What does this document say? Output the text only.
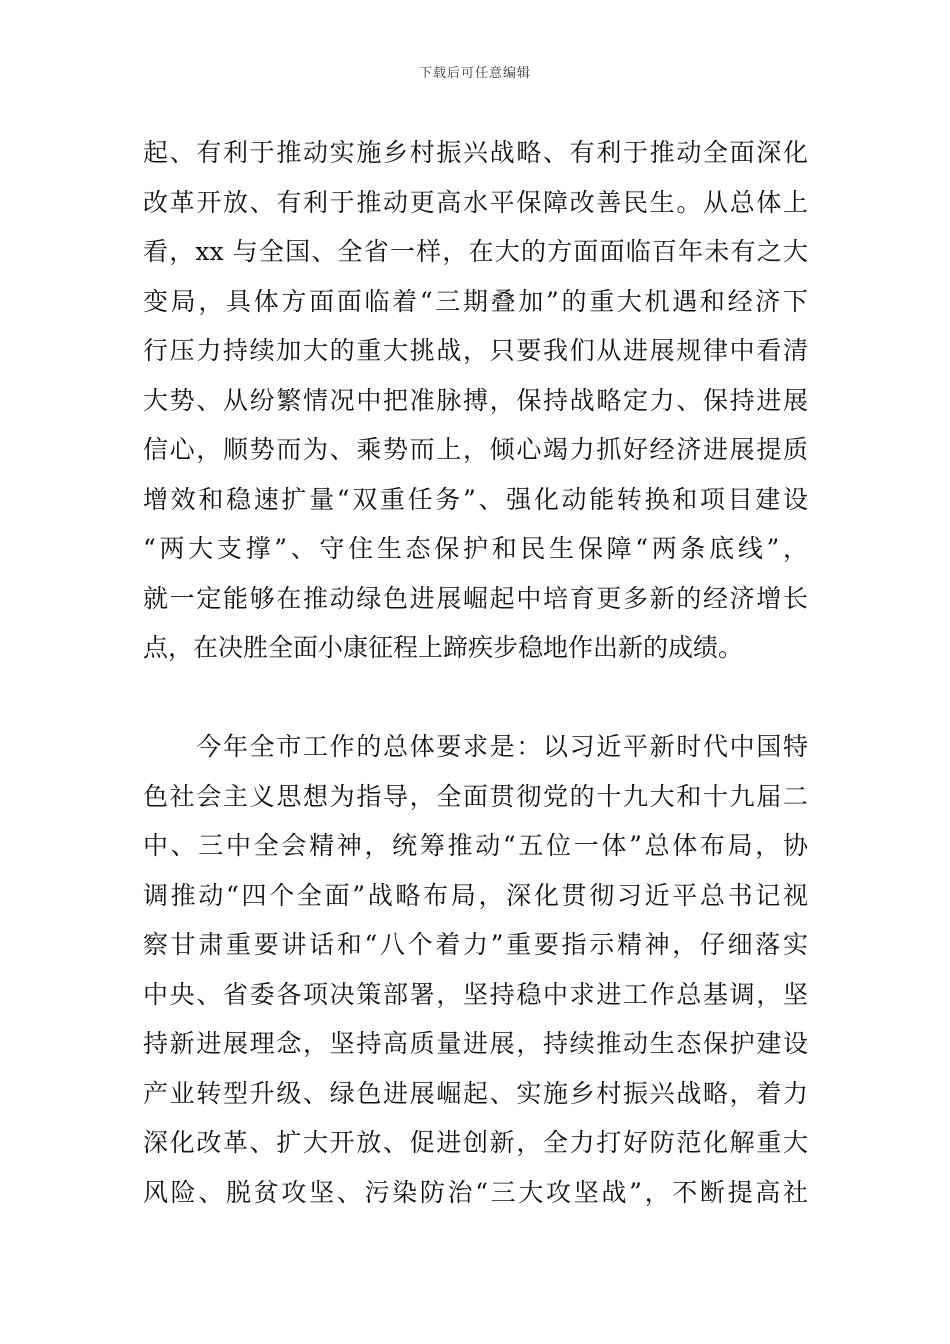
下载后可任意编辑
起、有利于推动实施乡村振兴战略、有利于推动全面深化
改革开放、有利于推动更高水平保障改善民生。从总体上
看，xx 与全国、全省一样，在大的方面面临百年未有之大
变局，具体方面面临着“三期叠加”的重大机遇和经济下
行压力持续加大的重大挑战，只要我们从进展规律中看清
大势、从纷繁情况中把准脉搏，保持战略定力、保持进展
信心，顺势而为、乘势而上，倾心竭力抓好经济进展提质
增效和稳速扩量“双重任务”、强化动能转换和项目建设
“两大支撑”、守住生态保护和民生保障“两条底线”，
就一定能够在推动绿色进展崛起中培育更多新的经济增长
点，在决胜全面小康征程上蹄疾步稳地作出新的成绩。
　　今年全市工作的总体要求是：以习近平新时代中国特
色社会主义思想为指导，全面贯彻党的十九大和十九届二
中、三中全会精神，统筹推动“五位一体”总体布局，协
调推动“四个全面”战略布局，深化贯彻习近平总书记视
察甘肃重要讲话和“八个着力”重要指示精神，仔细落实
中央、省委各项决策部署，坚持稳中求进工作总基调，坚
持新进展理念，坚持高质量进展，持续推动生态保护建设
产业转型升级、绿色进展崛起、实施乡村振兴战略，着力
深化改革、扩大开放、促进创新，全力打好防范化解重大
风险、脱贫攻坚、污染防治“三大攻坚战”，不断提高社
